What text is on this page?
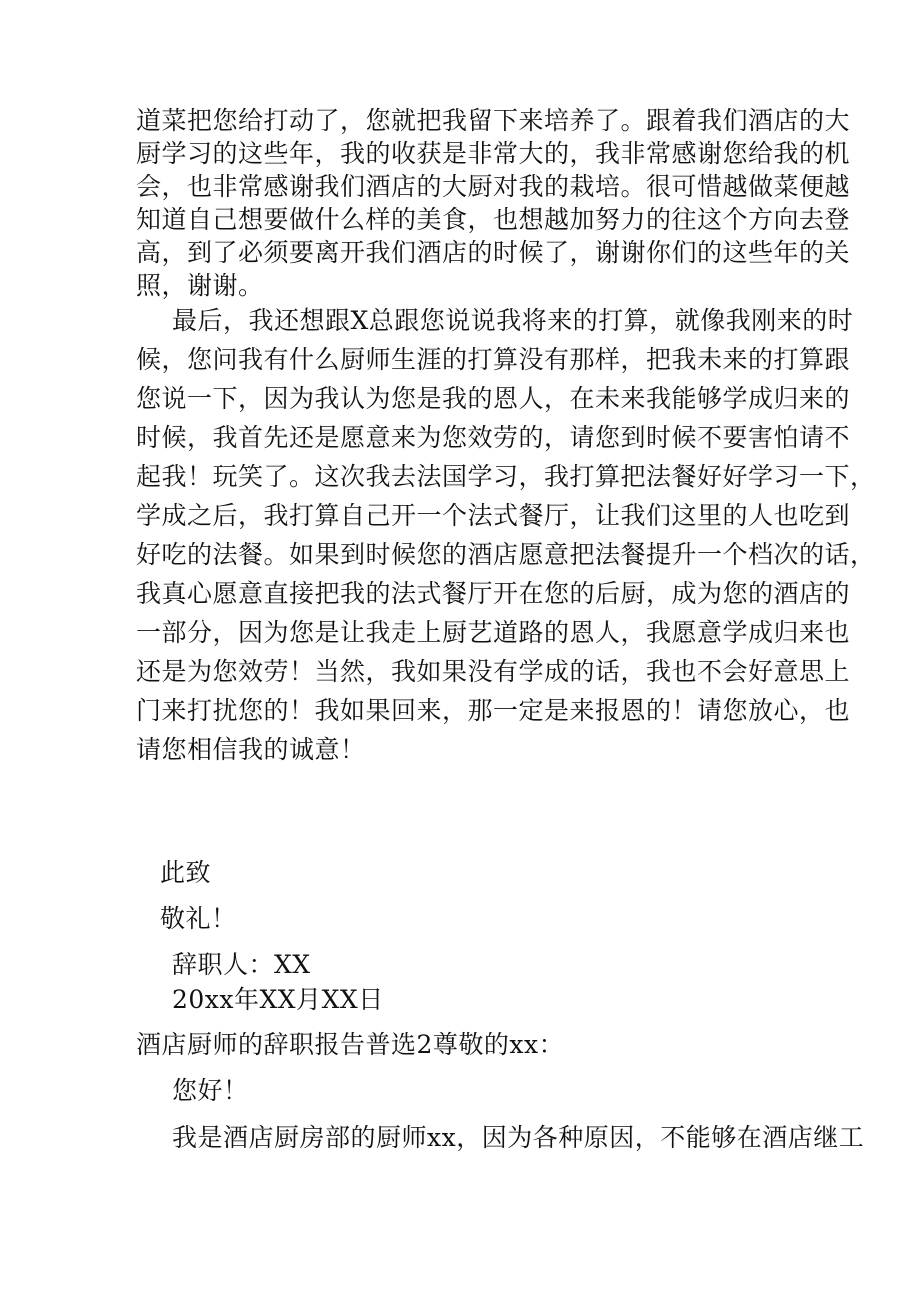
道菜把您给打动了，您就把我留下来培养了。跟着我们酒店的大
厨学习的这些年，我的收获是非常大的，我非常感谢您给我的机
会，也非常感谢我们酒店的大厨对我的栽培。很可惜越做菜便越
知道自己想要做什么样的美食，也想越加努力的往这个方向去登
高，到了必须要离开我们酒店的时候了，谢谢你们的这些年的关
照，谢谢。
最后，我还想跟X总跟您说说我将来的打算，就像我刚来的时
候，您问我有什么厨师生涯的打算没有那样，把我未来的打算跟
您说一下，因为我认为您是我的恩人，在未来我能够学成归来的
时候，我首先还是愿意来为您效劳的，请您到时候不要害怕请不
起我！玩笑了。这次我去法国学习，我打算把法餐好好学习一下，
学成之后，我打算自己开一个法式餐厅，让我们这里的人也吃到
好吃的法餐。如果到时候您的酒店愿意把法餐提升一个档次的话，
我真心愿意直接把我的法式餐厅开在您的后厨，成为您的酒店的
一部分，因为您是让我走上厨艺道路的恩人，我愿意学成归来也
还是为您效劳！当然，我如果没有学成的话，我也不会好意思上
门来打扰您的！我如果回来，那一定是来报恩的！请您放心，也
请您相信我的诚意！
此致
敬礼！
辞职人：XX
20xx年XX月XX日
酒店厨师的辞职报告普选2尊敬的xx：
您好！
我是酒店厨房部的厨师xx，因为各种原因，不能够在酒店继工
